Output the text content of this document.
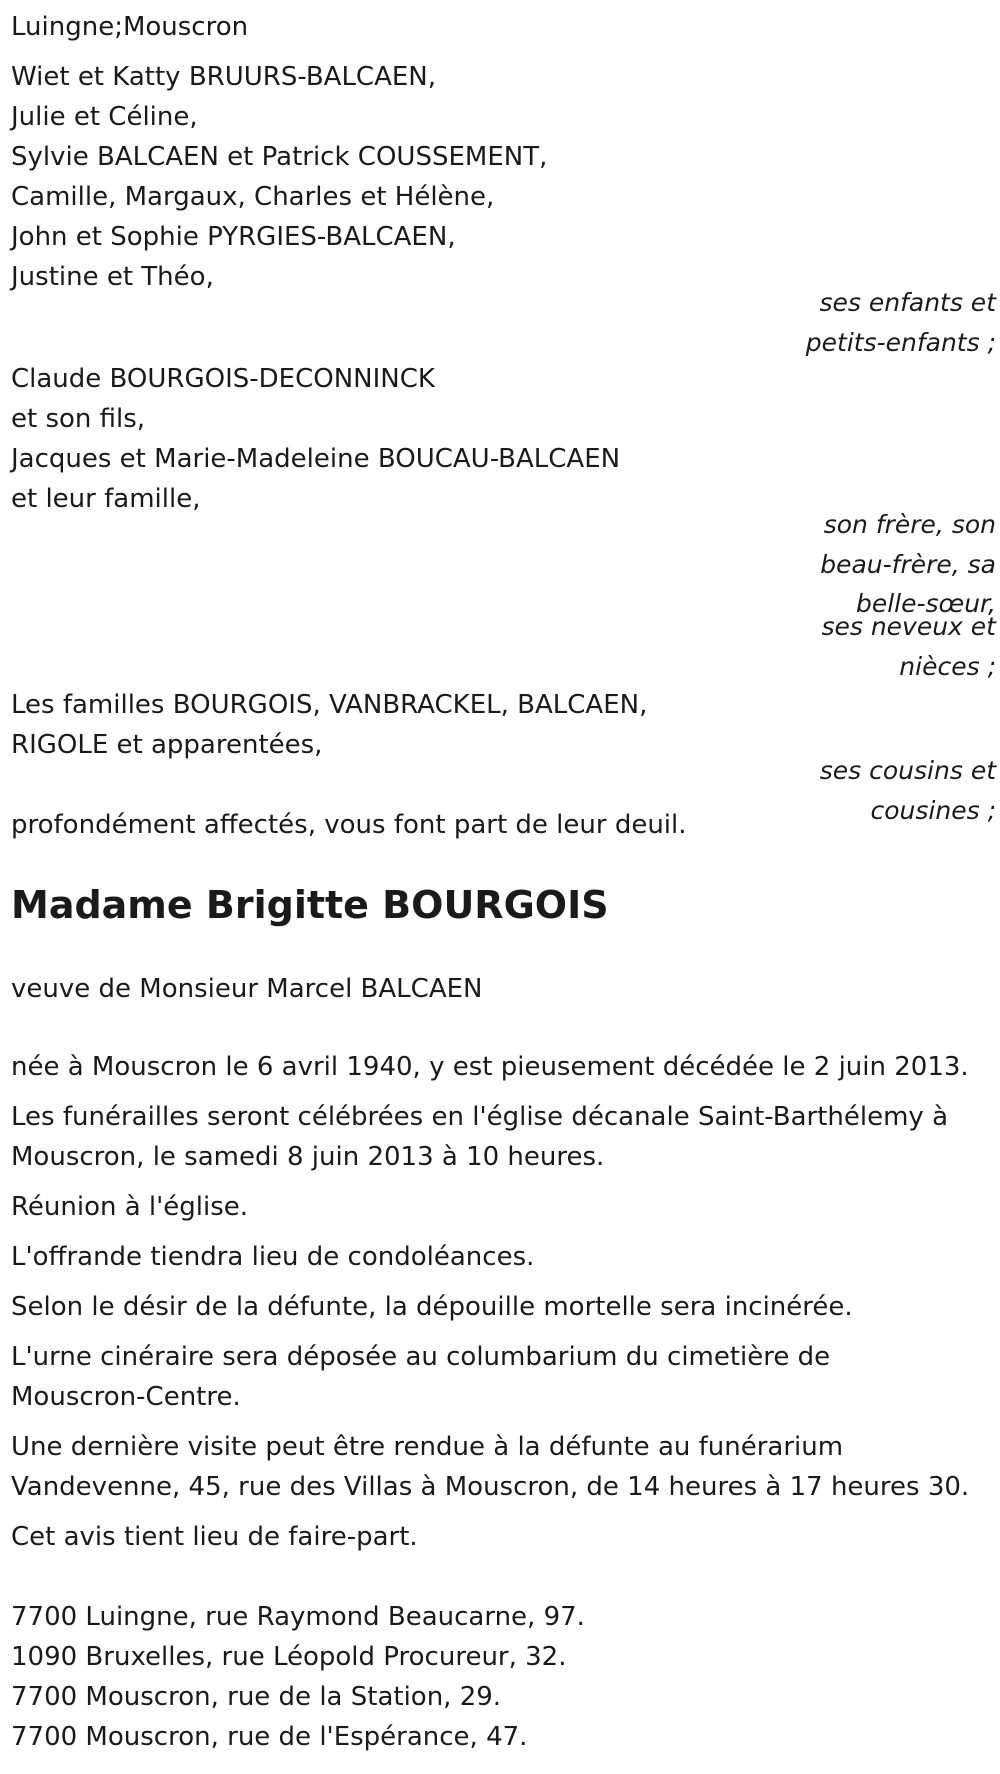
Luingne;Mouscron
Wiet et Katty BRUURS-BALCAEN,
Julie et Céline,
Sylvie BALCAEN et Patrick COUSSEMENT,
Camille, Margaux, Charles et Hélène,
John et Sophie PYRGIES-BALCAEN,
Justine et Théo,
ses enfants et
petits-enfants ;
Claude BOURGOIS-DECONNINCK
et son fils,
Jacques et Marie-Madeleine BOUCAU-BALCAEN
et leur famille,
son frère, son
beau-frère, sa
belle-sœur,
ses neveux et
nièces ;
Les familles BOURGOIS, VANBRACKEL, BALCAEN,
RIGOLE et apparentées,
ses cousins et
cousines ;
profondément affectés, vous font part de leur deuil.
Madame Brigitte BOURGOIS
veuve de Monsieur Marcel BALCAEN
née à Mouscron le 6 avril 1940, y est pieusement décédée le 2 juin 2013.
Les funérailles seront célébrées en l'église décanale Saint-Barthélemy à
Mouscron, le samedi 8 juin 2013 à 10 heures.
Réunion à l'église.
L'offrande tiendra lieu de condoléances.
Selon le désir de la défunte, la dépouille mortelle sera incinérée.
L'urne cinéraire sera déposée au columbarium du cimetière de
Mouscron-Centre.
Une dernière visite peut être rendue à la défunte au funérarium
Vandevenne, 45, rue des Villas à Mouscron, de 14 heures à 17 heures 30.
Cet avis tient lieu de faire-part.
7700 Luingne, rue Raymond Beaucarne, 97.
1090 Bruxelles, rue Léopold Procureur, 32.
7700 Mouscron, rue de la Station, 29.
7700 Mouscron, rue de l'Espérance, 47.
